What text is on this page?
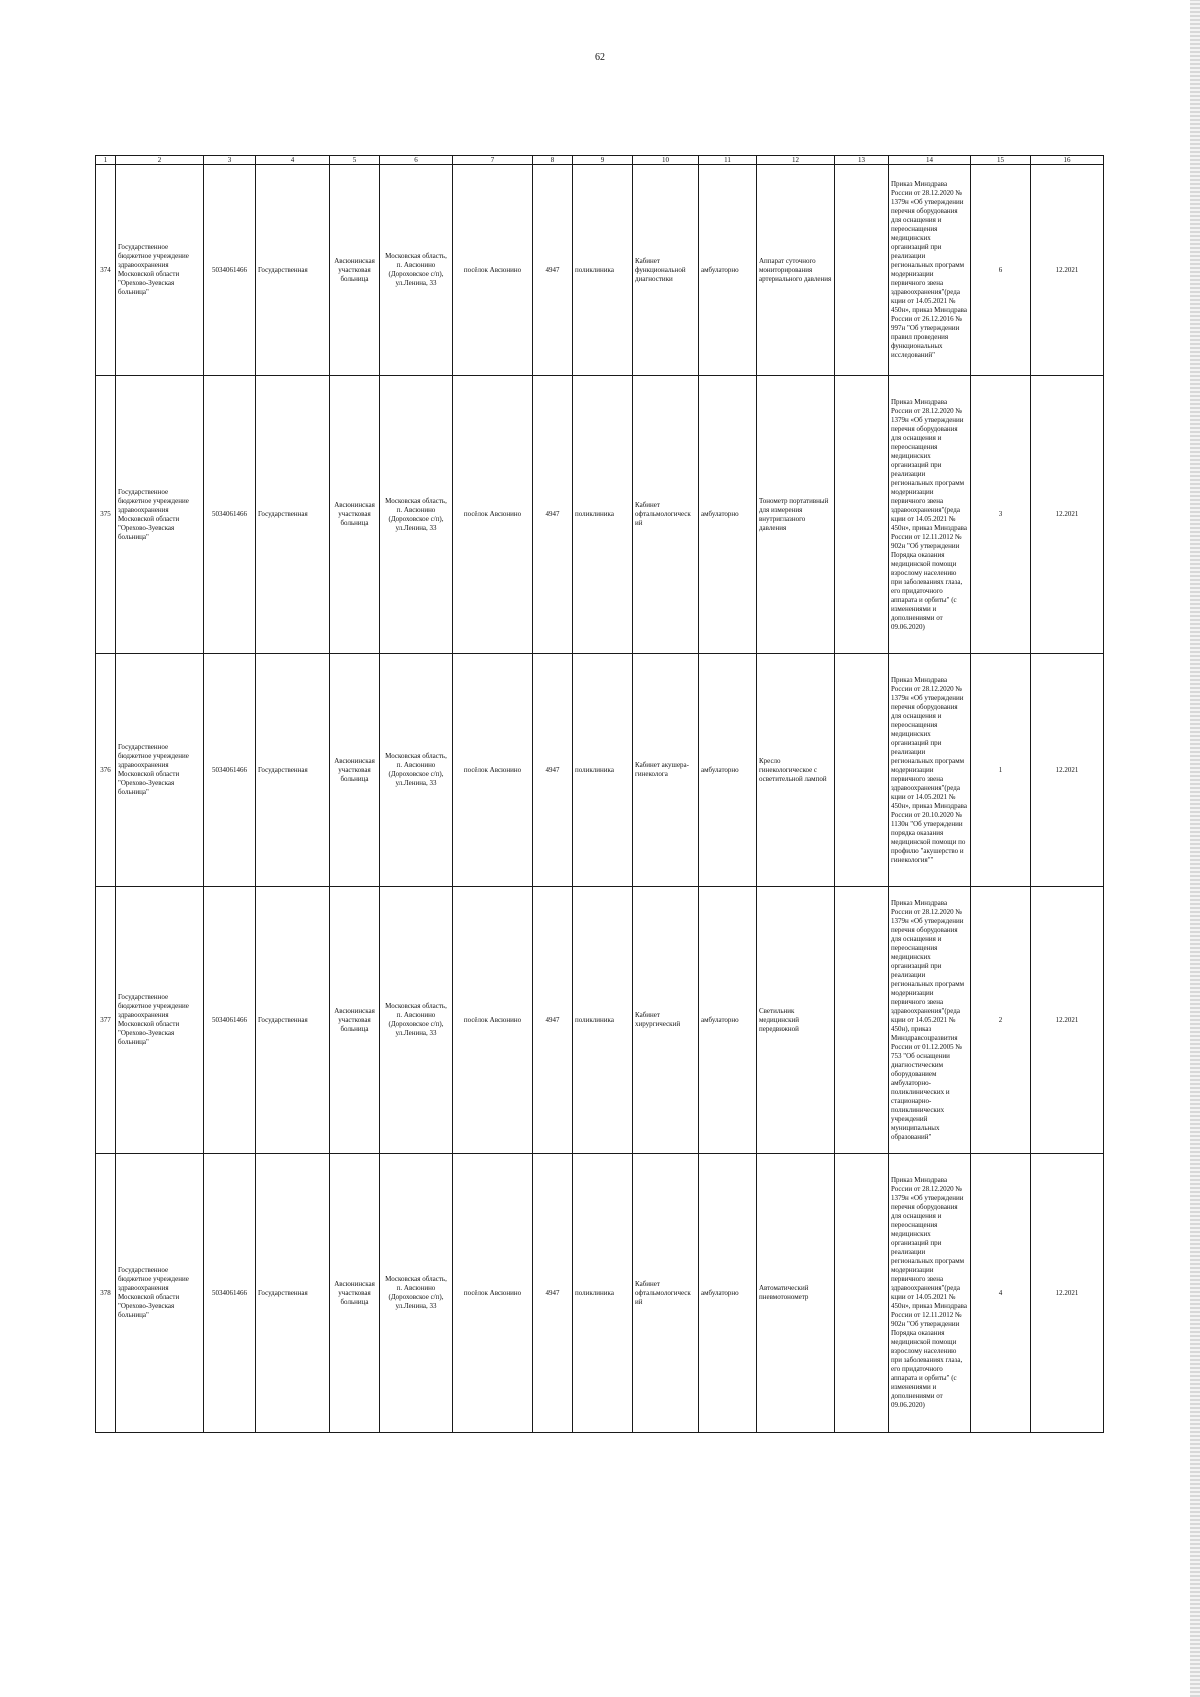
62
1	2	3	4	5	6	7	8	9	10	11	12	13	14	15	16
374	Государственное бюджетное учреждение здравоохранения Московской области "Орехово-Зуевская больница"	5034061466	Государственная	Авсюнинская участковая больница	Московская область, п. Авсюнино (Дороховское с/п), ул.Ленина, 33	посёлок Авсюнино	4947	поликлиника	Кабинет функциональной диагностики	амбулаторно	Аппарат суточного мониторирования артериального давления		Приказ Минздрава России от 28.12.2020 № 1379н «Об утверждении перечня оборудования для оснащения и переоснащения медицинских организаций при реализации региональных программ модернизации первичного звена здравоохранения"(реда кции от 14.05.2021 № 450н», приказ Минздрава России от 26.12.2016 № 997н "Об утверждении правил проведения функциональных исследований"	6	12.2021
375	Государственное бюджетное учреждение здравоохранения Московской области "Орехово-Зуевская больница"	5034061466	Государственная	Авсюнинская участковая больница	Московская область, п. Авсюнино (Дороховское с/п), ул.Ленина, 33	посёлок Авсюнино	4947	поликлиника	Кабинет офтальмологическ ий	амбулаторно	Тонометр портативный для измерения внутриглазного давления		Приказ Минздрава России от 28.12.2020 № 1379н «Об утверждении перечня оборудования для оснащения и переоснащения медицинских организаций при реализации региональных программ модернизации первичного звена здравоохранения"(реда кции от 14.05.2021 № 450н», приказ Минздрава России от 12.11.2012 № 902н "Об утверждении Порядка оказания медицинской помощи взрослому населению при заболеваниях глаза, его придаточного аппарата и орбиты" (с изменениями и дополнениями от 09.06.2020)	3	12.2021
376	Государственное бюджетное учреждение здравоохранения Московской области "Орехово-Зуевская больница"	5034061466	Государственная	Авсюнинская участковая больница	Московская область, п. Авсюнино (Дороховское с/п), ул.Ленина, 33	посёлок Авсюнино	4947	поликлиника	Кабинет акушера-гинеколога	амбулаторно	Кресло гинекологическое с осветительной лампой		Приказ Минздрава России от 28.12.2020 № 1379н «Об утверждении перечня оборудования для оснащения и переоснащения медицинских организаций при реализации региональных программ модернизации первичного звена здравоохранения"(реда кции от 14.05.2021 № 450н», приказ Минздрава России от 20.10.2020 № 1130н "Об утверждении порядка оказания медицинской помощи по профилю "акушерство и гинекология""	1	12.2021
377	Государственное бюджетное учреждение здравоохранения Московской области "Орехово-Зуевская больница"	5034061466	Государственная	Авсюнинская участковая больница	Московская область, п. Авсюнино (Дороховское с/п), ул.Ленина, 33	посёлок Авсюнино	4947	поликлиника	Кабинет хирургический	амбулаторно	Светильник медицинский передвижной		Приказ Минздрава России от 28.12.2020 № 1379н «Об утверждении перечня оборудования для оснащения и переоснащения медицинских организаций при реализации региональных программ модернизации первичного звена здравоохранения"(реда кции от 14.05.2021 № 450н), приказ Минздравсоцразвития России от 01.12.2005 № 753 "Об оснащении диагностическим оборудованием амбулаторно-поликлинических и стационарно-поликлинических учреждений муниципальных образований"	2	12.2021
378	Государственное бюджетное учреждение здравоохранения Московской области "Орехово-Зуевская больница"	5034061466	Государственная	Авсюнинская участковая больница	Московская область, п. Авсюнино (Дороховское с/п), ул.Ленина, 33	посёлок Авсюнино	4947	поликлиника	Кабинет офтальмологическ ий	амбулаторно	Автоматический пневмотонометр		Приказ Минздрава России от 28.12.2020 № 1379н «Об утверждении перечня оборудования для оснащения и переоснащения медицинских организаций при реализации региональных программ модернизации первичного звена здравоохранения"(реда кции от 14.05.2021 № 450н», приказ Минздрава России от 12.11.2012 № 902н "Об утверждении Порядка оказания медицинской помощи взрослому населению при заболеваниях глаза, его придаточного аппарата и орбиты" (с изменениями и дополнениями от 09.06.2020)	4	12.2021
